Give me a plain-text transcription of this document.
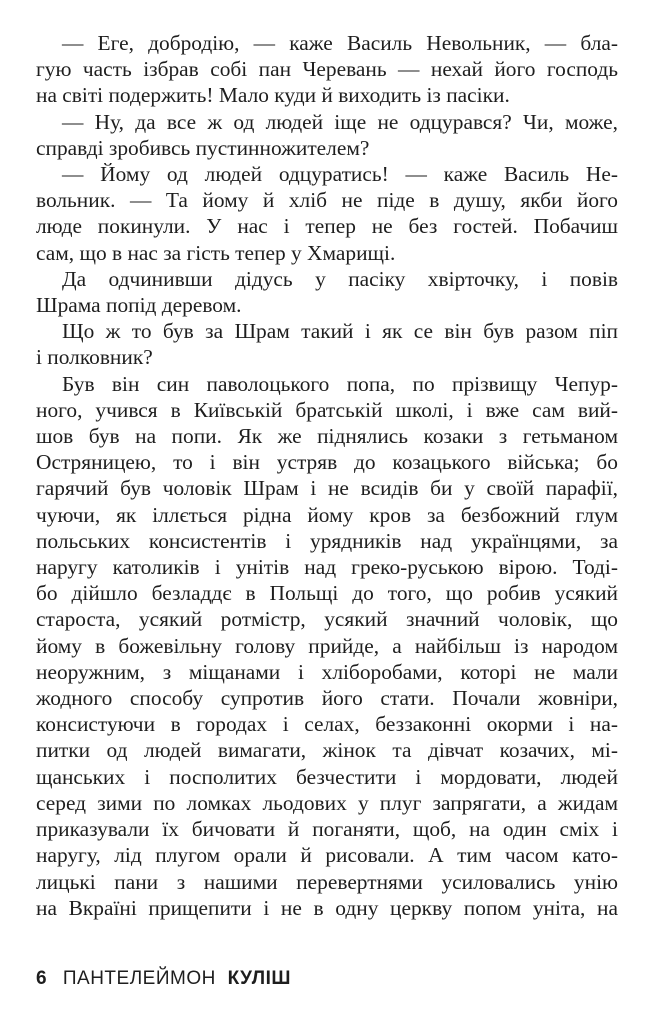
— Еге, добродію, — каже Василь Невольник, — бла-
гую часть ізбрав собі пан Черевань — нехай його господь
на світі подержить! Мало куди й виходить із пасіки.

— Ну, да все ж од людей іще не одцурався? Чи, може,
справді зробивсь пустинножителем?

— Йому од людей одцуратись! — каже Василь Не-
вольник. — Та йому й хліб не піде в душу, якби його
люде покинули. У нас і тепер не без гостей. Побачиш
сам, що в нас за гість тепер у Хмарищі.

Да одчинивши дідусь у пасіку хвірточку, і повів
Шрама попід деревом.

Що ж то був за Шрам такий і як се він був разом піп
і полковник?

Був він син паволоцького попа, по прізвищу Чепур-
ного, учився в Київській братській школі, і вже сам вий-
шов був на попи. Як же піднялись козаки з гетьманом
Остряницею, то і він устряв до козацького війська; бо
гарячий був чоловік Шрам і не всидів би у своїй парафії,
чуючи, як іллється рідна йому кров за безбожний глум
польських консистентів і урядників над українцями, за
наругу католиків і унітів над греко-руською вірою. Тоді-
бо дійшло безладдє в Польщі до того, що робив усякий
староста, усякий ротмістр, усякий значний чоловік, що
йому в божевільну голову прийде, а найбільш із народом
неоружним, з міщанами і хліборобами, которі не мали
жодного способу супротив його стати. Почали жовніри,
консистуючи в городах і селах, беззаконні окорми і на-
питки од людей вимагати, жінок та дівчат козачих, мі-
щанських і посполитих безчестити і мордовати, людей
серед зими по ломках льодових у плуг запрягати, а жидам
приказували їх бичовати й поганяти, щоб, на один сміх і
наругу, лід плугом орали й рисовали. А тим часом като-
лицькі пани з нашими перевертнями усиловались унію
на Вкраїні прищепити і не в одну церкву попом уніта, на

6 ПАНТЕЛЕЙМОН КУЛІШ
